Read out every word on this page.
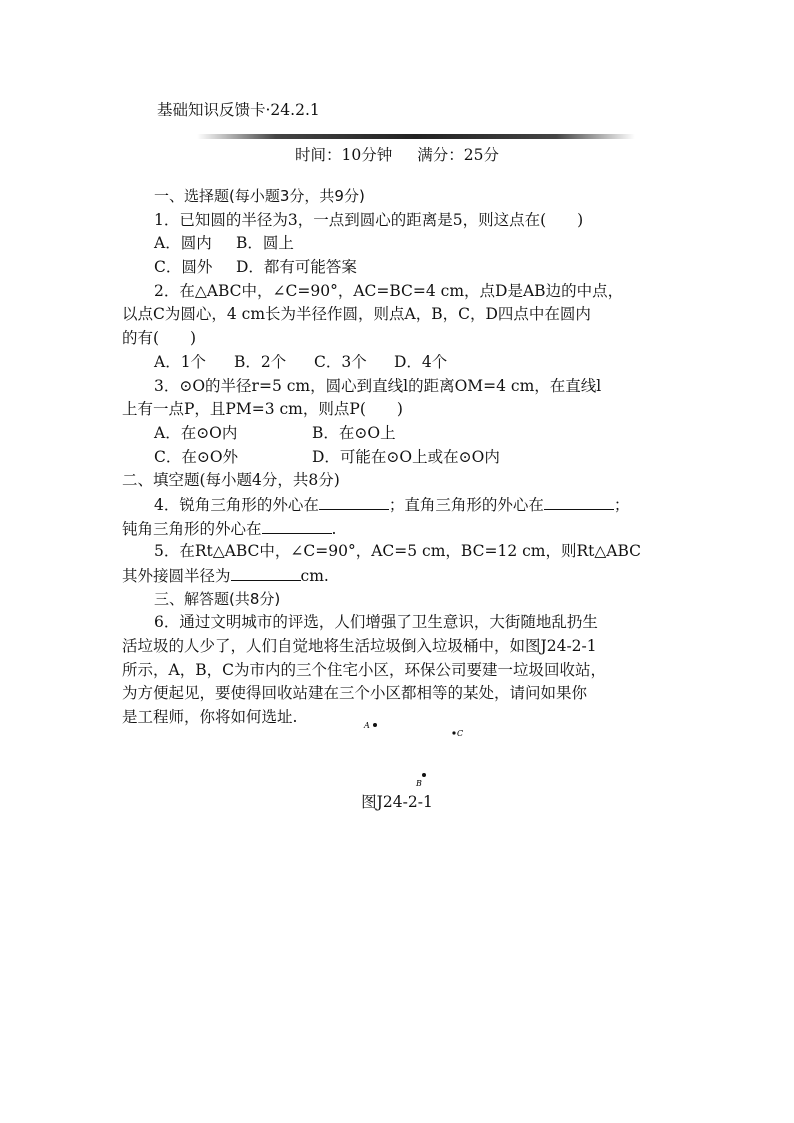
基础知识反馈卡·24.2.1
时间：10分钟 满分：25分
一、选择题(每小题3分，共9分)
1．已知圆的半径为3，一点到圆心的距离是5，则这点在(　　)
A．圆内 B．圆上
C．圆外 D．都有可能答案
2．在△ABC中，∠C=90°，AC=BC=4 cm，点D是AB边的中点，
以点C为圆心，4 cm长为半径作圆，则点A，B，C，D四点中在圆内
的有(　　)
A．1个 B．2个 C．3个 D．4个
3．⊙O的半径r=5 cm，圆心到直线l的距离OM=4 cm，在直线l
上有一点P，且PM=3 cm，则点P(　　)
A．在⊙O内	B．在⊙O上
C．在⊙O外	D．可能在⊙O上或在⊙O内
二、填空题(每小题4分，共8分)
4．锐角三角形的外心在	；直角三角形的外心在	；
钝角三角形的外心在	.
5．在Rt△ABC中，∠C=90°，AC=5 cm，BC=12 cm，则Rt△ABC
其外接圆半径为	cm.
三、解答题(共8分)
6．通过文明城市的评选，人们增强了卫生意识，大街随地乱扔生
活垃圾的人少了，人们自觉地将生活垃圾倒入垃圾桶中，如图J24-2-1
所示，A，B，C为市内的三个住宅小区，环保公司要建一垃圾回收站，
为方便起见，要使得回收站建在三个小区都相等的某处，请问如果你
是工程师，你将如何选址.	A
C
B
图J24-2-1
